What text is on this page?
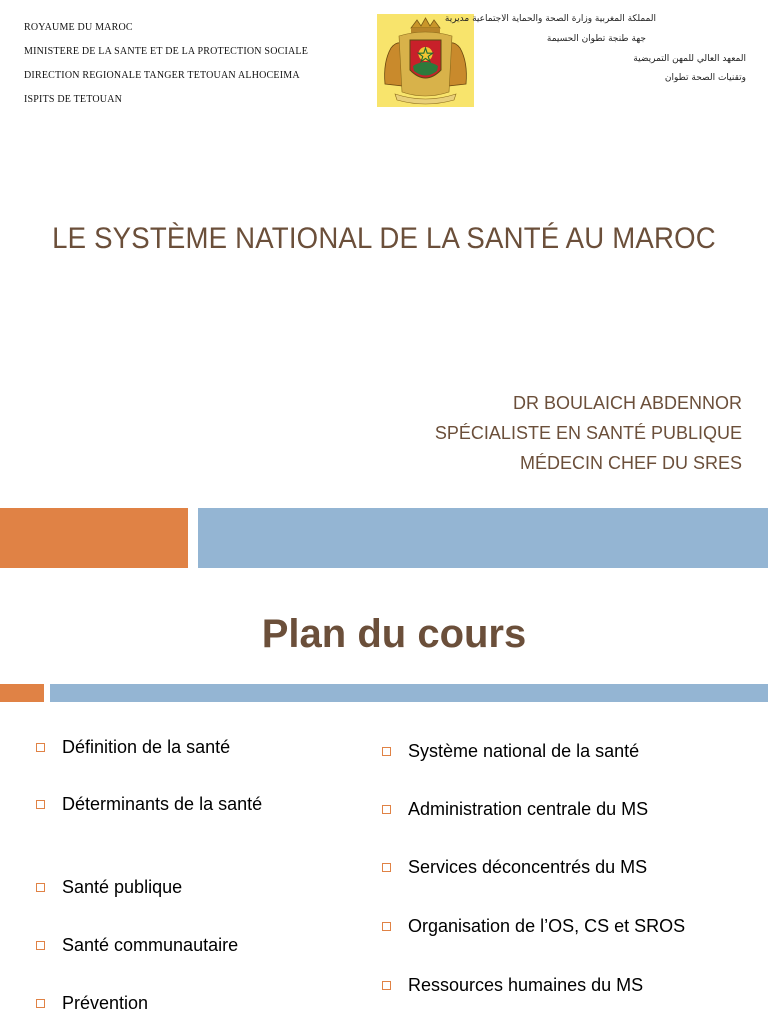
ROYAUME DU MAROC
MINISTERE DE LA SANTE ET DE LA PROTECTION SOCIALE
DIRECTION REGIONALE TANGER TETOUAN ALHOCEIMA
ISPITS DE TETOUAN
المملكة المغربية وزارة الصحة والحماية الاجتماعية مديرية
جهة طنجة تطوان الحسيمة
المعهد العالي للمهن التمريضية
وتقنيات الصحة تطوان
LE SYSTÈME NATIONAL DE LA SANTÉ AU MAROC
DR BOULAICH ABDENNOR
SPÉCIALISTE EN SANTÉ PUBLIQUE
MÉDECIN CHEF DU SRES
Plan du cours
Définition de la santé
Déterminants de la santé
Santé publique
Santé communautaire
Prévention
Système national de la santé
Administration centrale du MS
Services déconcentrés du MS
Organisation de l’OS, CS et SROS
Ressources humaines du MS
